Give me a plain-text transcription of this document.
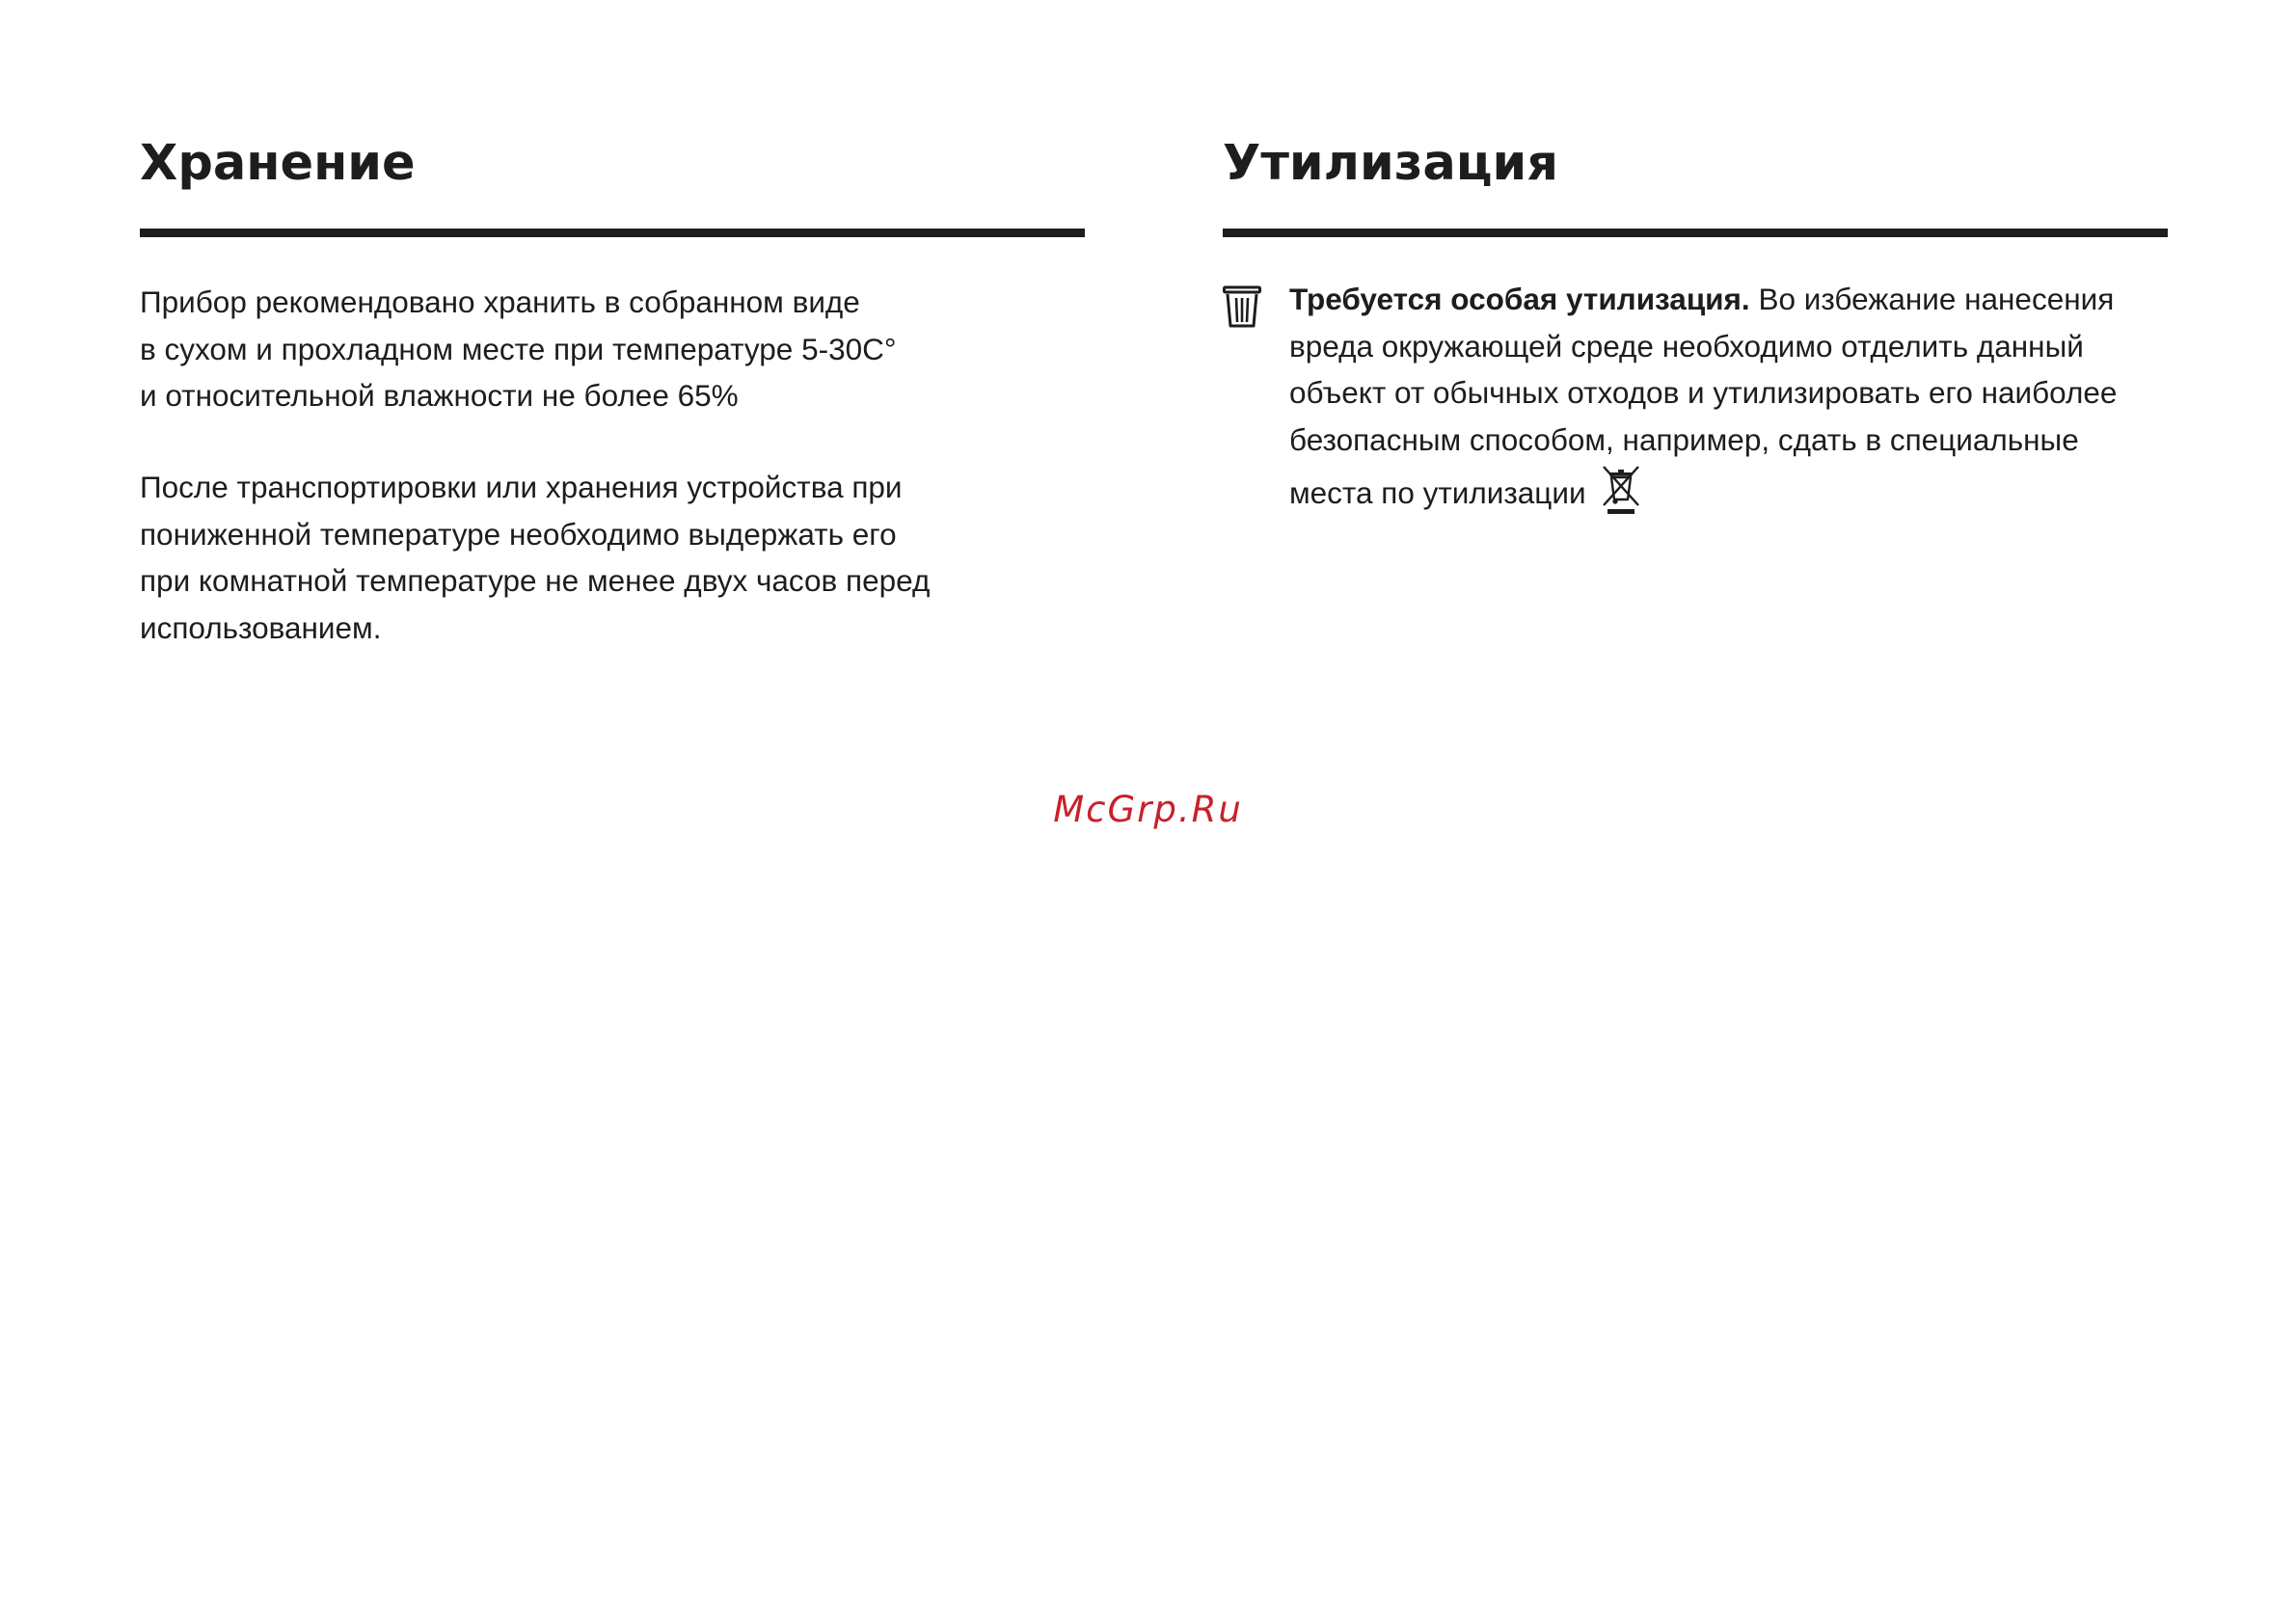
Хранение
Прибор рекомендовано хранить в собранном виде
в сухом и прохладном месте при температуре 5-30С°
и относительной влажности не более 65%
После транспортировки или хранения устройства при
пониженной температуре необходимо выдержать его
при комнатной температуре не менее двух часов перед
использованием.
Утилизация
Требуется особая утилизация. Во избежание нанесения
вреда окружающей среде необходимо отделить данный
объект от обычных отходов и утилизировать его наиболее
безопасным способом, например, сдать в специальные
места по утилизации
McGrp.Ru
